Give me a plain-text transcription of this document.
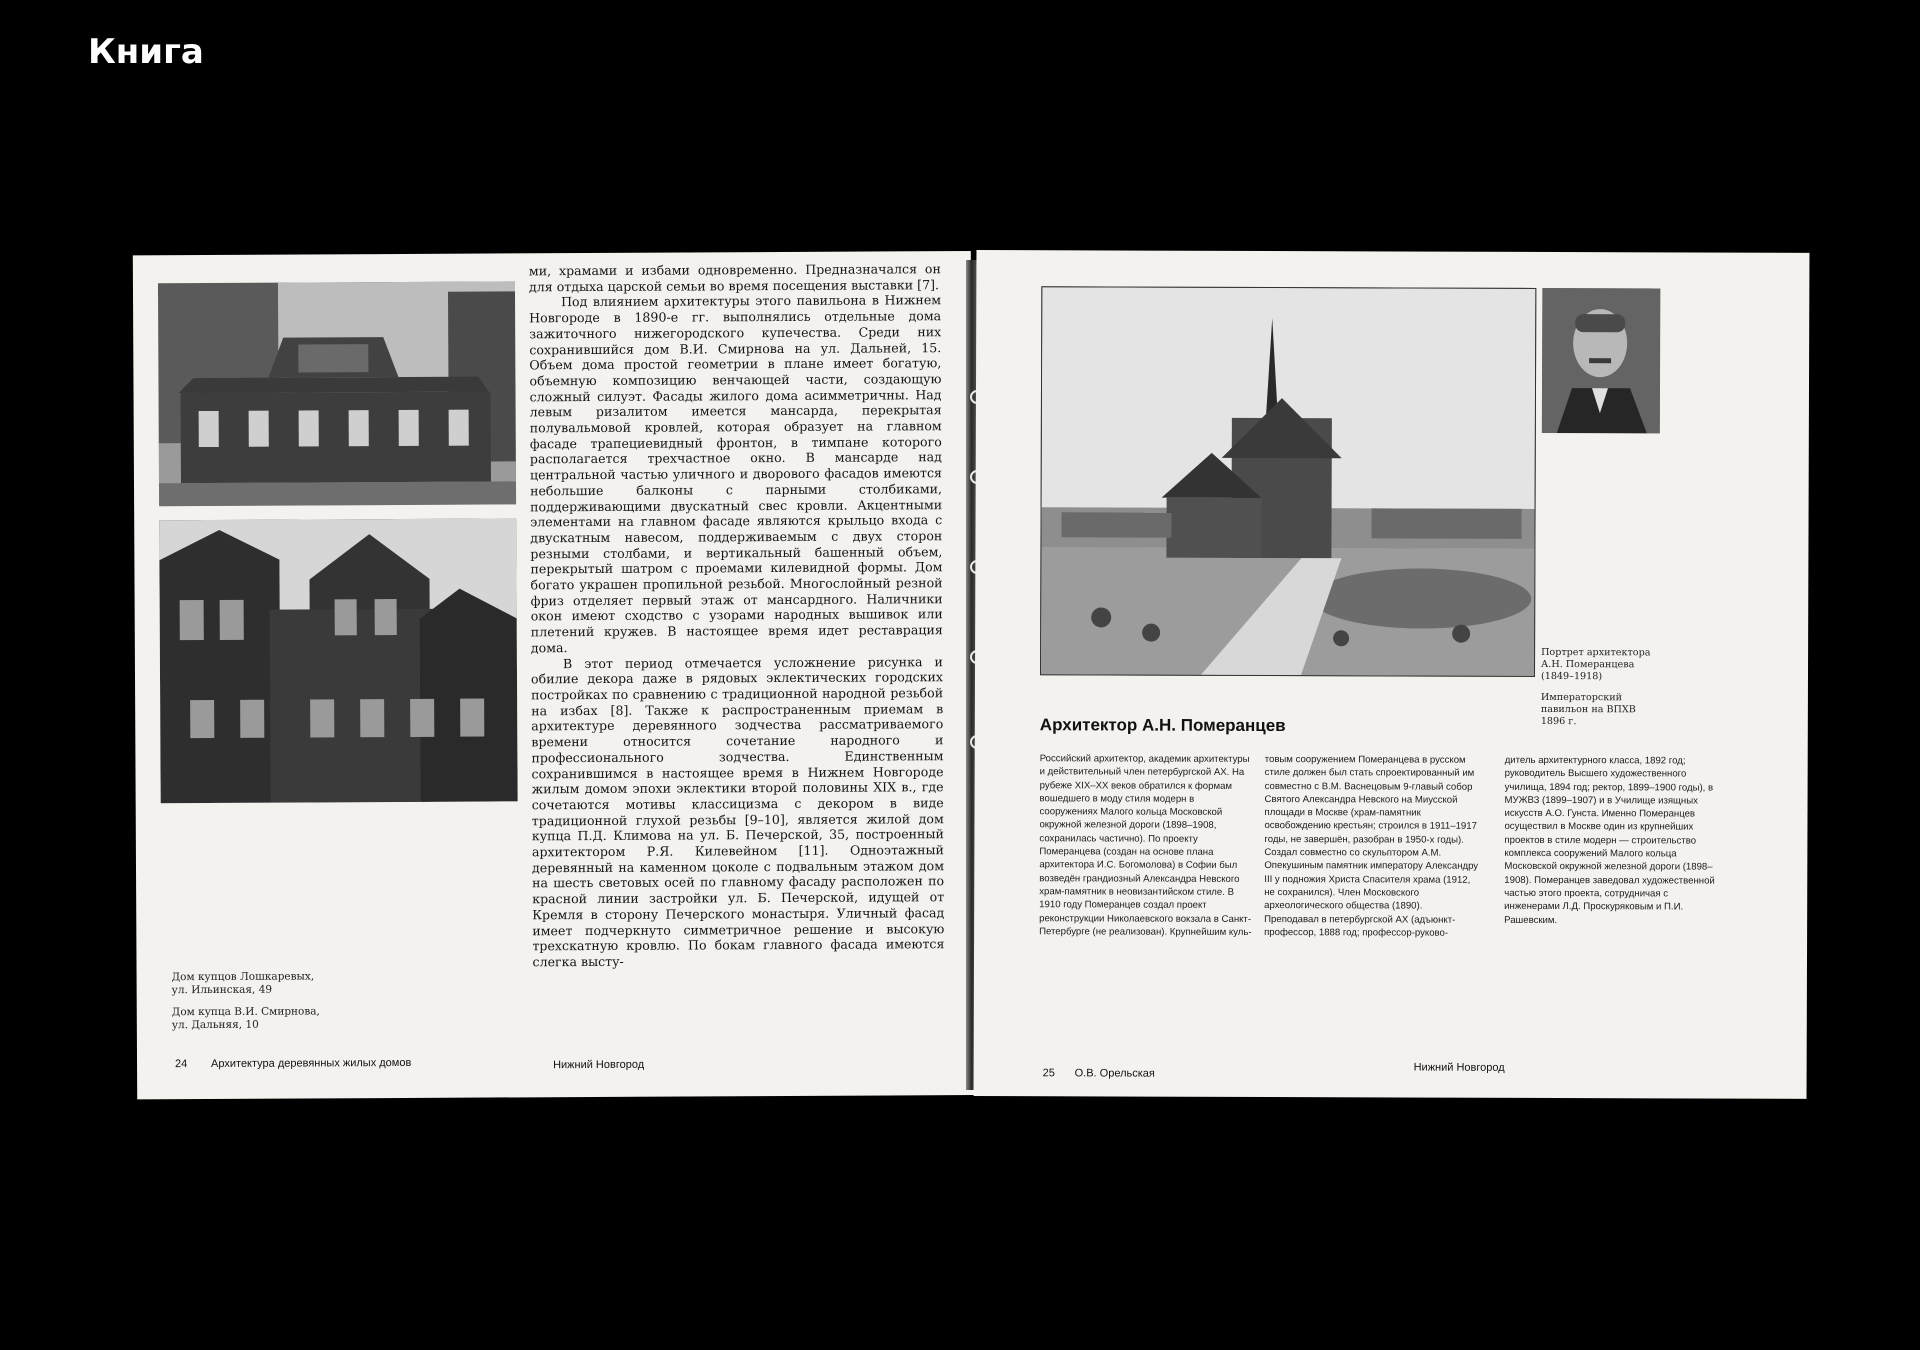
Книга

ми, храмами и избами одновременно. Предназначался он для отдыха царской семьи во время посещения выставки [7].

Под влиянием архитектуры этого павильона в Нижнем Новгороде в 1890-е гг. выполнялись отдельные дома зажиточного нижегородского купечества. Среди них сохранившийся дом В.И. Смирнова на ул. Дальней, 15. Объем дома простой геометрии в плане имеет богатую, объемную композицию венчающей части, создающую сложный силуэт. Фасады жилого дома асимметричны. Над левым ризалитом имеется мансарда, перекрытая полувальмовой кровлей, которая образует на главном фасаде трапециевидный фронтон, в тимпане которого располагается трехчастное окно. В мансарде над центральной частью уличного и дворового фасадов имеются небольшие балконы с парными столбиками, поддерживающими двускатный свес кровли. Акцентными элементами на главном фасаде являются крыльцо входа с двускатным навесом, поддерживаемым с двух сторон резными столбами, и вертикальный башенный объем, перекрытый шатром с проемами килевидной формы. Дом богато украшен пропильной резьбой. Многослойный резной фриз отделяет первый этаж от мансардного. Наличники окон имеют сходство с узорами народных вышивок или плетений кружев. В настоящее время идет реставрация дома.

В этот период отмечается усложнение рисунка и обилие декора даже в рядовых эклектических городских постройках по сравнению с традиционной народной резьбой на избах [8]. Также к распространенным приемам в архитектуре деревянного зодчества рассматриваемого времени относится сочетание народного и профессионального зодчества. Единственным сохранившимся в настоящее время в Нижнем Новгороде жилым домом эпохи эклектики второй половины XIX в., где сочетаются мотивы классицизма с декором в виде традиционной глухой резьбы [9–10], является жилой дом купца П.Д. Климова на ул. Б. Печерской, 35, построенный архитектором Р.Я. Килевейном [11]. Одноэтажный деревянный на каменном цоколе с подвальным этажом дом на шесть световых осей по главному фасаду расположен по красной линии застройки ул. Б. Печерской, идущей от Кремля в сторону Печерского монастыря. Уличный фасад имеет подчеркнуто симметричное решение и высокую трехскатную кровлю. По бокам главного фасада имеются слегка высту-

Дом купцов Лошкаревых,
ул. Ильинская, 49

Дом купца В.И. Смирнова,
ул. Дальняя, 10

24 Архитектура деревянных жилых домов	Нижний Новгород

Портрет архитектора А.Н. Померанцева (1849–1918)

Императорский павильон на ВПХВ 1896 г.

Архитектор А.Н. Померанцев
Российский архитектор, академик архитектуры и действительный член петербургской АХ. На рубеже XIX–XX веков обратился к формам вошедшего в моду стиля модерн в сооружениях Малого кольца Московской окружной железной дороги (1898–1908, сохранилась частично). По проекту Померанцева (создан на основе плана архитектора И.С. Богомолова) в Софии был возведён грандиозный Александра Невского храм-памятник в неовизантийском стиле. В 1910 году Померанцев создал проект реконструкции Николаевского вокзала в Санкт-Петербурге (не реализован). Крупнейшим куль-
товым сооружением Померанцева в русском стиле должен был стать спроектированный им совместно с В.М. Васнецовым 9-главый собор Святого Александра Невского на Миусской площади в Москве (храм-памятник освобождению крестьян; строился в 1911–1917 годы, не завершён, разобран в 1950-х годы). Создал совместно со скульптором А.М. Опекушиным памятник императору Александру III у подножия Христа Спасителя храма (1912, не сохранился). Член Московского археологического общества (1890). Преподавал в петербургской АХ (адъюнкт-профессор, 1888 год; профессор-руково-
дитель архитектурного класса, 1892 год; руководитель Высшего художественного училища, 1894 год; ректор, 1899–1900 годы), в МУЖВЗ (1899–1907) и в Училище изящных искусств А.О. Гунста. Именно Померанцев осуществил в Москве один из крупнейших проектов в стиле модерн — строительство комплекса сооружений Малого кольца Московской окружной железной дороги (1898–1908). Померанцев заведовал художественной частью этого проекта, сотрудничая с инженерами Л.Д. Проскуряковым и П.И. Рашевским.
25 О.В. Орельская	Нижний Новгород
